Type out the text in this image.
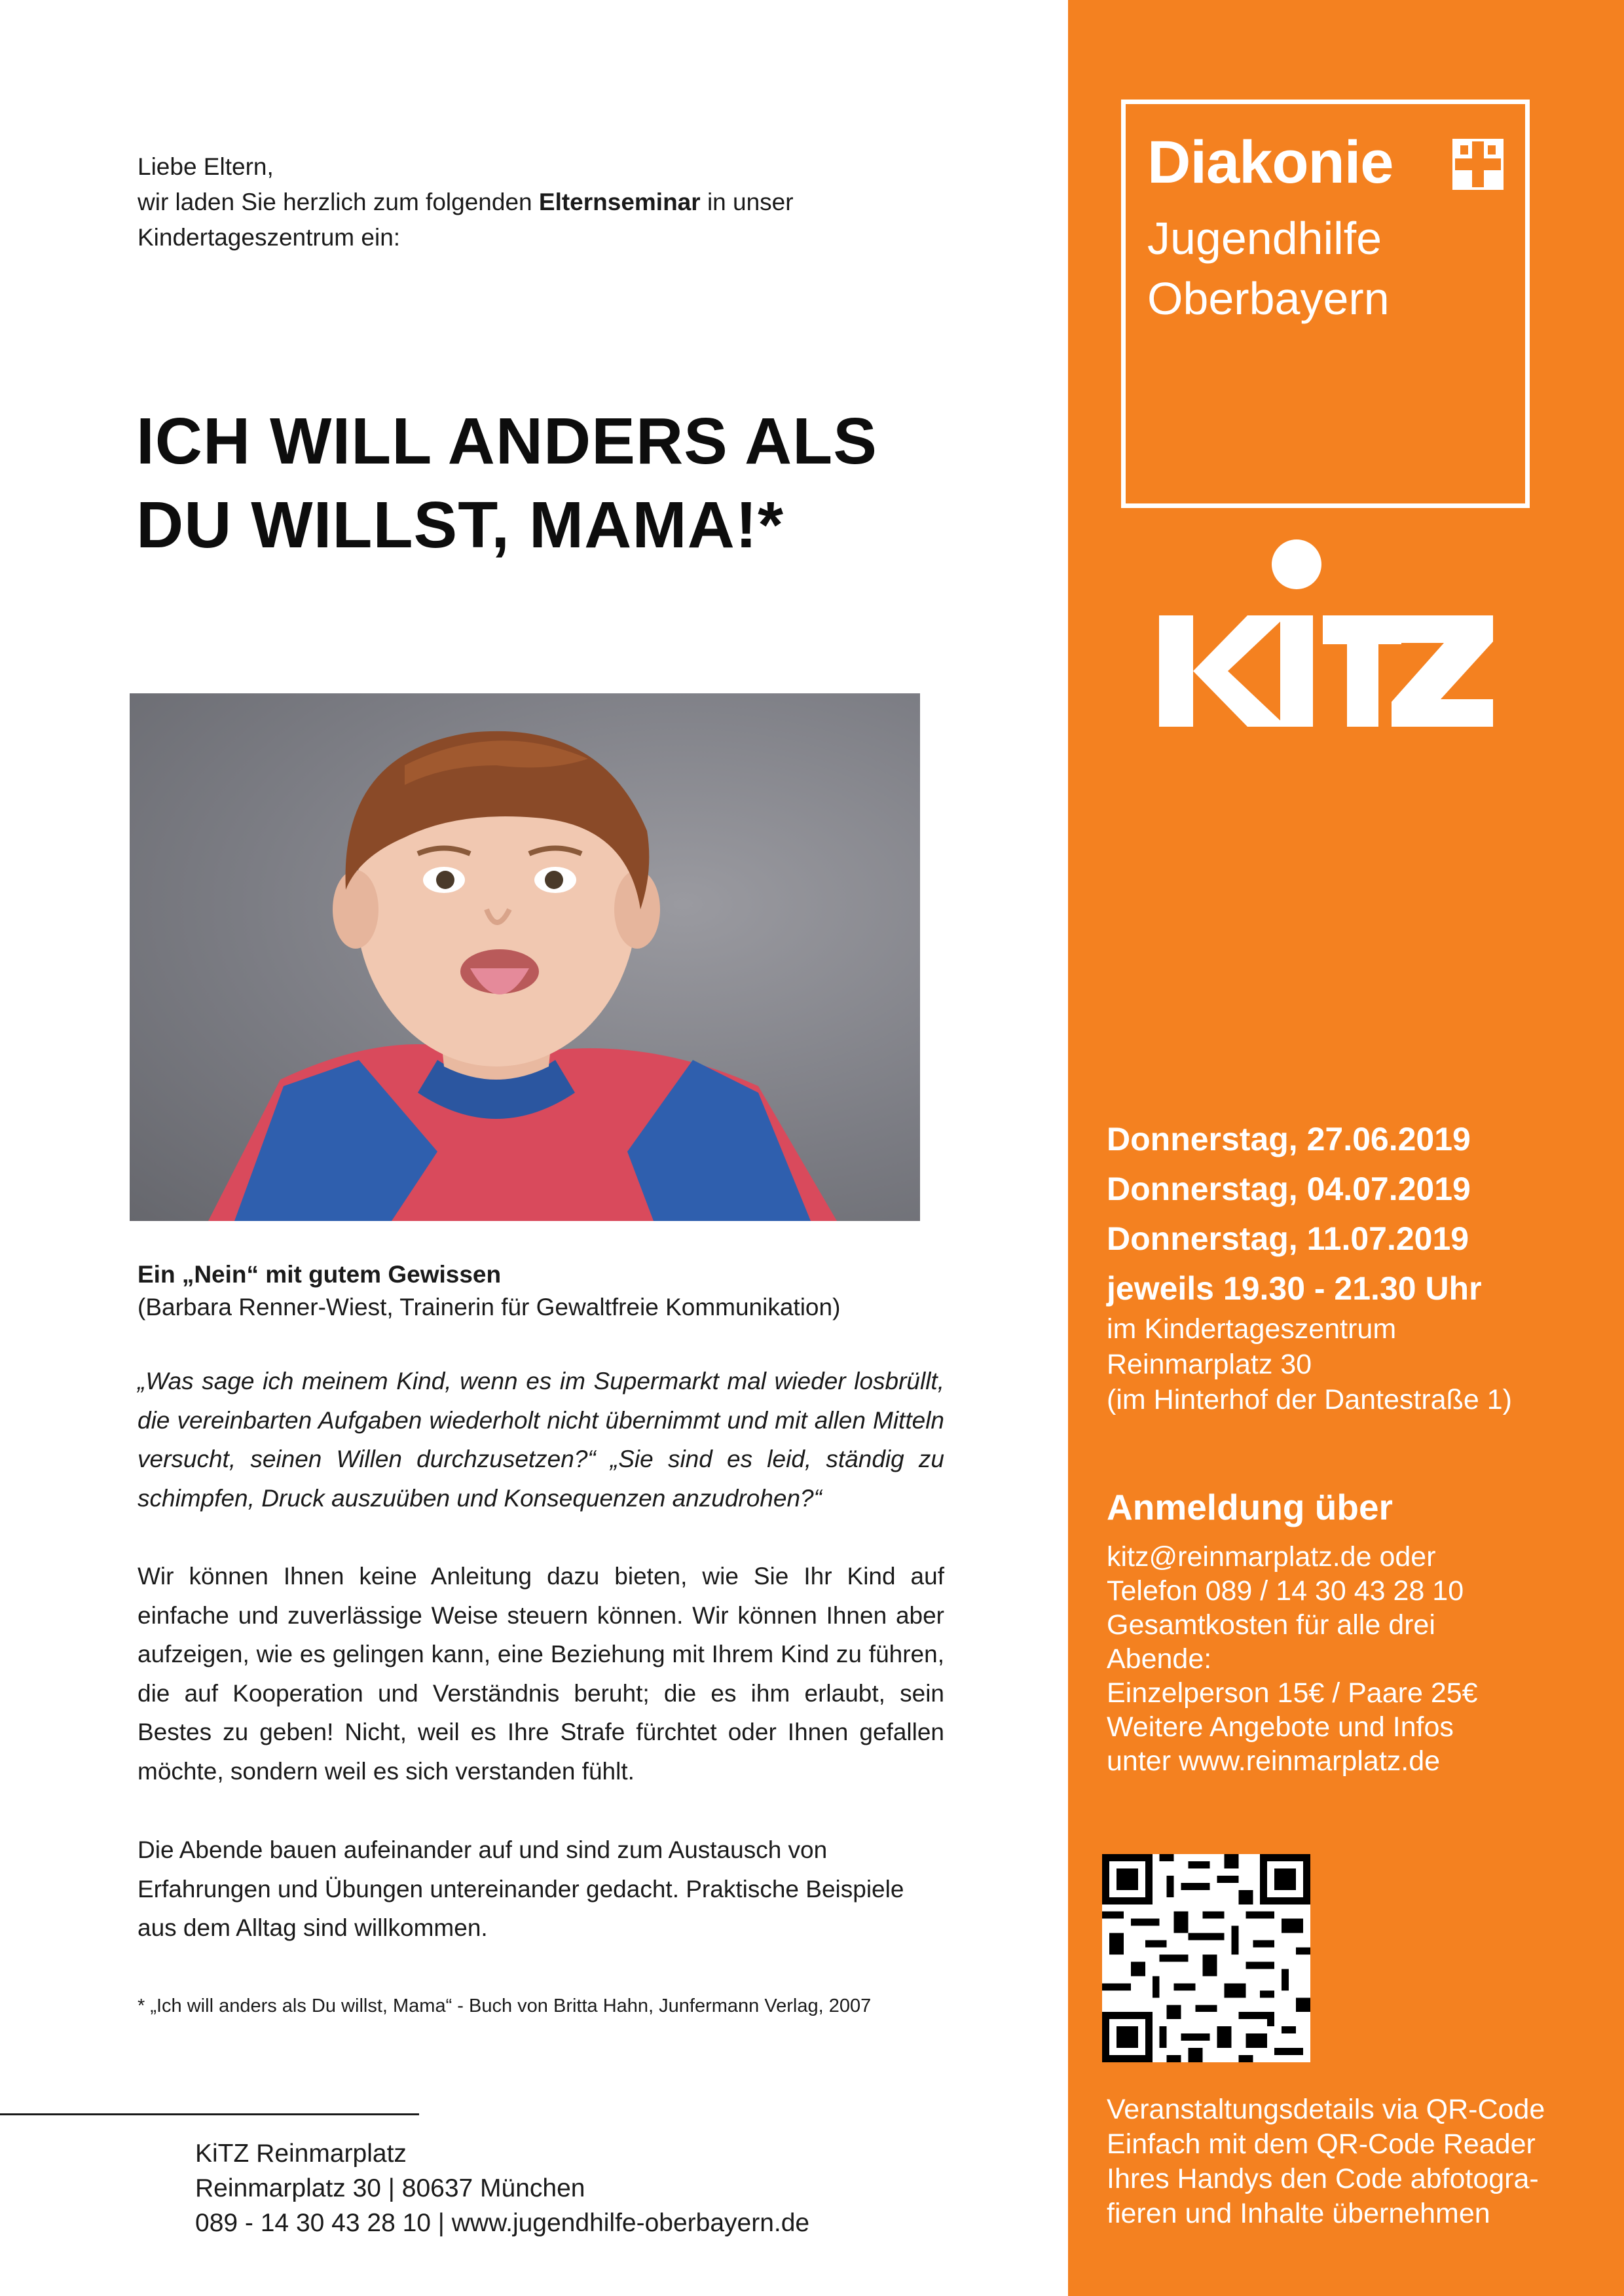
Liebe Eltern,
wir laden Sie herzlich zum folgenden Elternseminar in unser
Kindertageszentrum ein:
ICH WILL ANDERS ALS
DU WILLST, MAMA!*
Ein „Nein“ mit gutem Gewissen
(Barbara Renner-Wiest, Trainerin für Gewaltfreie Kommunikation)
„Was sage ich meinem Kind, wenn es im Supermarkt mal wieder losbrüllt, die vereinbarten Aufgaben wiederholt nicht übernimmt und mit allen Mitteln versucht, seinen Willen durchzusetzen?“ „Sie sind es leid, ständig zu schimpfen, Druck auszuüben und Konsequenzen anzudrohen?“
Wir können Ihnen keine Anleitung dazu bieten, wie Sie Ihr Kind auf einfache und zuverlässige Weise steuern können. Wir können Ihnen aber aufzeigen, wie es gelingen kann, eine Beziehung mit Ihrem Kind zu führen, die auf Kooperation und Verständnis beruht; die es ihm erlaubt, sein Bestes zu geben! Nicht, weil es Ihre Strafe fürchtet oder Ihnen gefallen möchte, sondern weil es sich verstanden fühlt.
Die Abende bauen aufeinander auf und sind zum Austausch von Erfahrungen und Übungen untereinander gedacht. Praktische Beispiele aus dem Alltag sind willkommen.
* „Ich will anders als Du willst, Mama“ - Buch von Britta Hahn, Junfermann Verlag, 2007
KiTZ Reinmarplatz
Reinmarplatz 30 | 80637 München
089 - 14 30 43 28 10 | www.jugendhilfe-oberbayern.de
Diakonie
Jugendhilfe
Oberbayern
Donnerstag, 27.06.2019
Donnerstag, 04.07.2019
Donnerstag, 11.07.2019
jeweils 19.30 - 21.30 Uhr
im Kindertageszentrum
Reinmarplatz 30
(im Hinterhof der Dantestraße 1)
Anmeldung über
kitz@reinmarplatz.de oder
Telefon 089 / 14 30 43 28 10
Gesamtkosten für alle drei
Abende:
Einzelperson 15€ / Paare 25€
Weitere Angebote und Infos
unter www.reinmarplatz.de
Veranstaltungsdetails via QR-Code
Einfach mit dem QR-Code Reader
Ihres Handys den Code abfotogra-
fieren und Inhalte übernehmen
